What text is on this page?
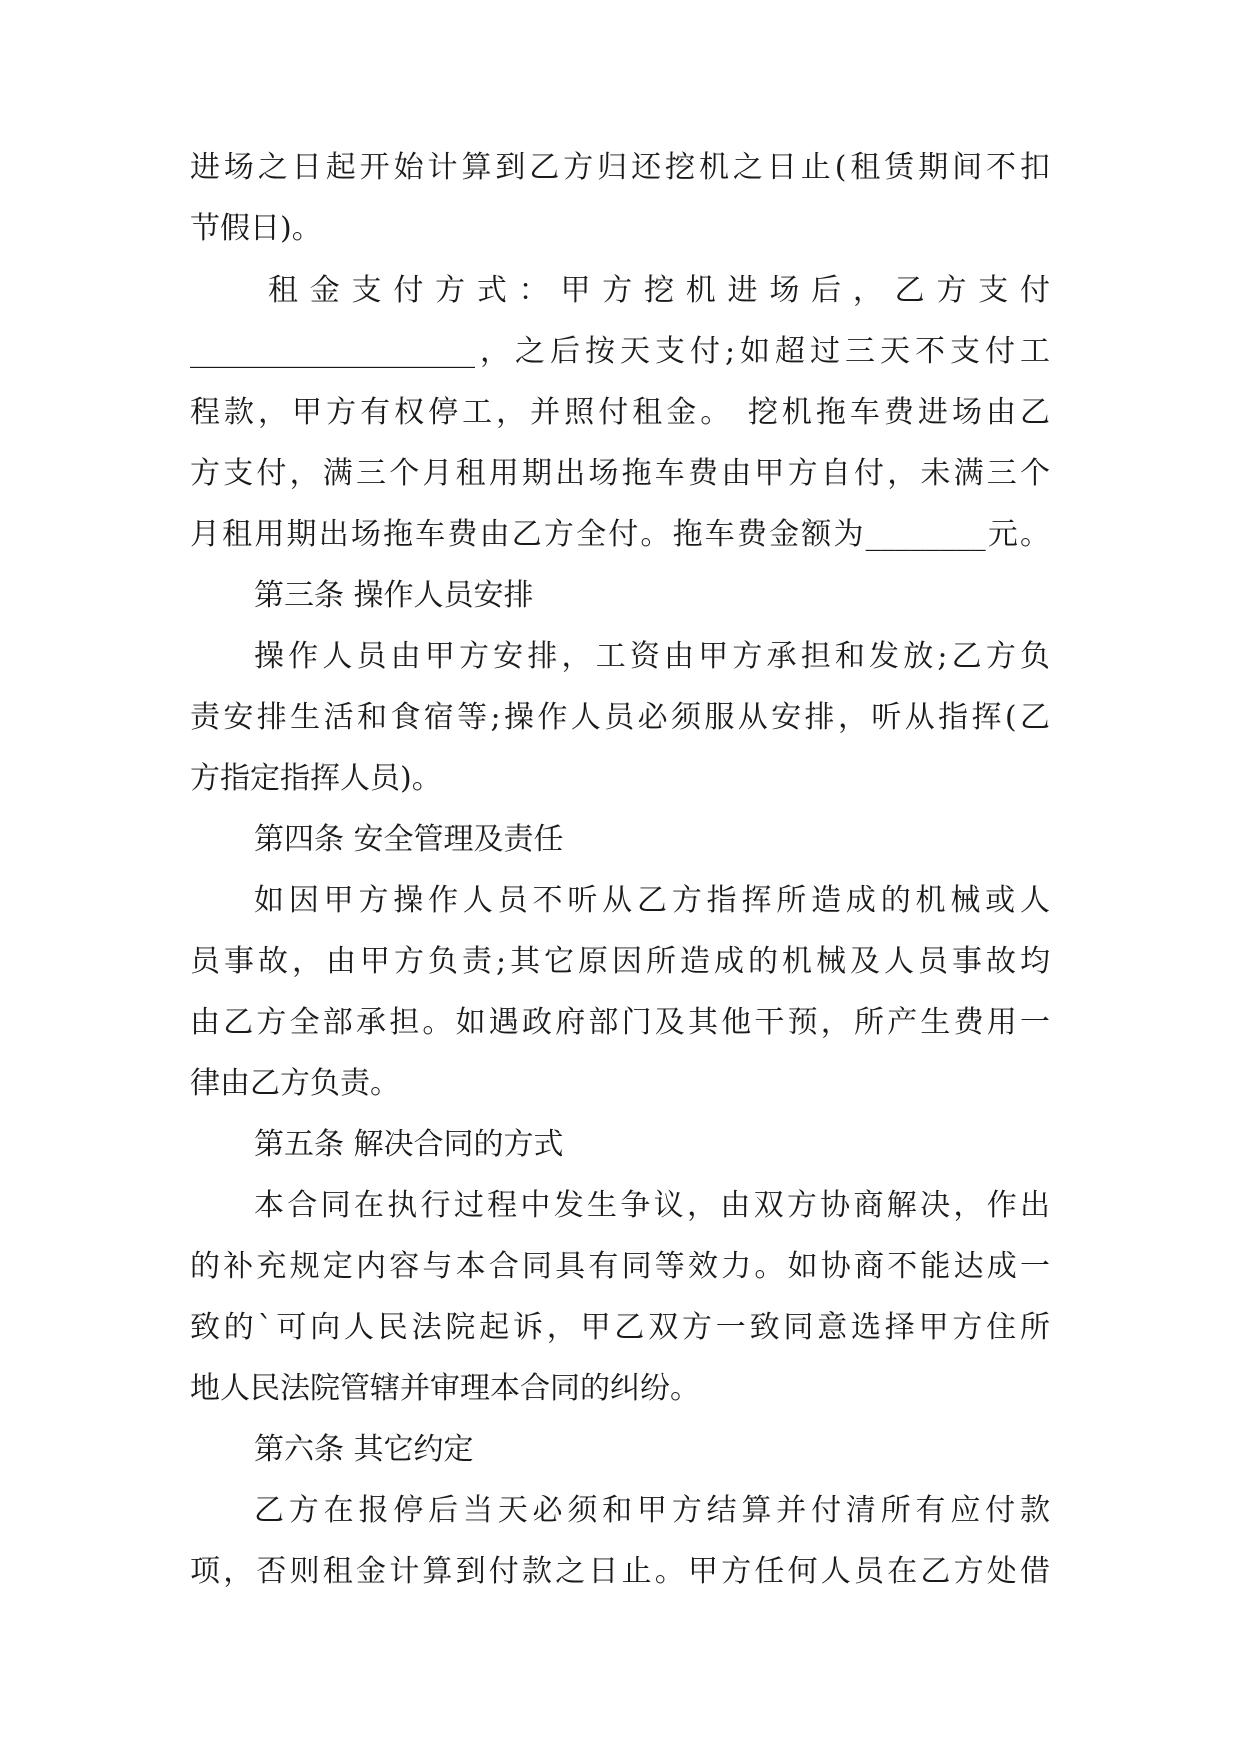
进场之日起开始计算到乙方归还挖机之日止(租赁期间不扣
节假日)。
租金支付方式：甲方挖机进场后，乙方支付
___________________，之后按天支付;如超过三天不支付工
程款，甲方有权停工，并照付租金。 挖机拖车费进场由乙
方支付，满三个月租用期出场拖车费由甲方自付，未满三个
月租用期出场拖车费由乙方全付。拖车费金额为________元。
第三条 操作人员安排
操作人员由甲方安排，工资由甲方承担和发放;乙方负
责安排生活和食宿等;操作人员必须服从安排，听从指挥(乙
方指定指挥人员)。
第四条 安全管理及责任
如因甲方操作人员不听从乙方指挥所造成的机械或人
员事故，由甲方负责;其它原因所造成的机械及人员事故均
由乙方全部承担。如遇政府部门及其他干预，所产生费用一
律由乙方负责。
第五条 解决合同的方式
本合同在执行过程中发生争议，由双方协商解决，作出
的补充规定内容与本合同具有同等效力。如协商不能达成一
致的`可向人民法院起诉，甲乙双方一致同意选择甲方住所
地人民法院管辖并审理本合同的纠纷。
第六条 其它约定
乙方在报停后当天必须和甲方结算并付清所有应付款
项，否则租金计算到付款之日止。甲方任何人员在乙方处借
